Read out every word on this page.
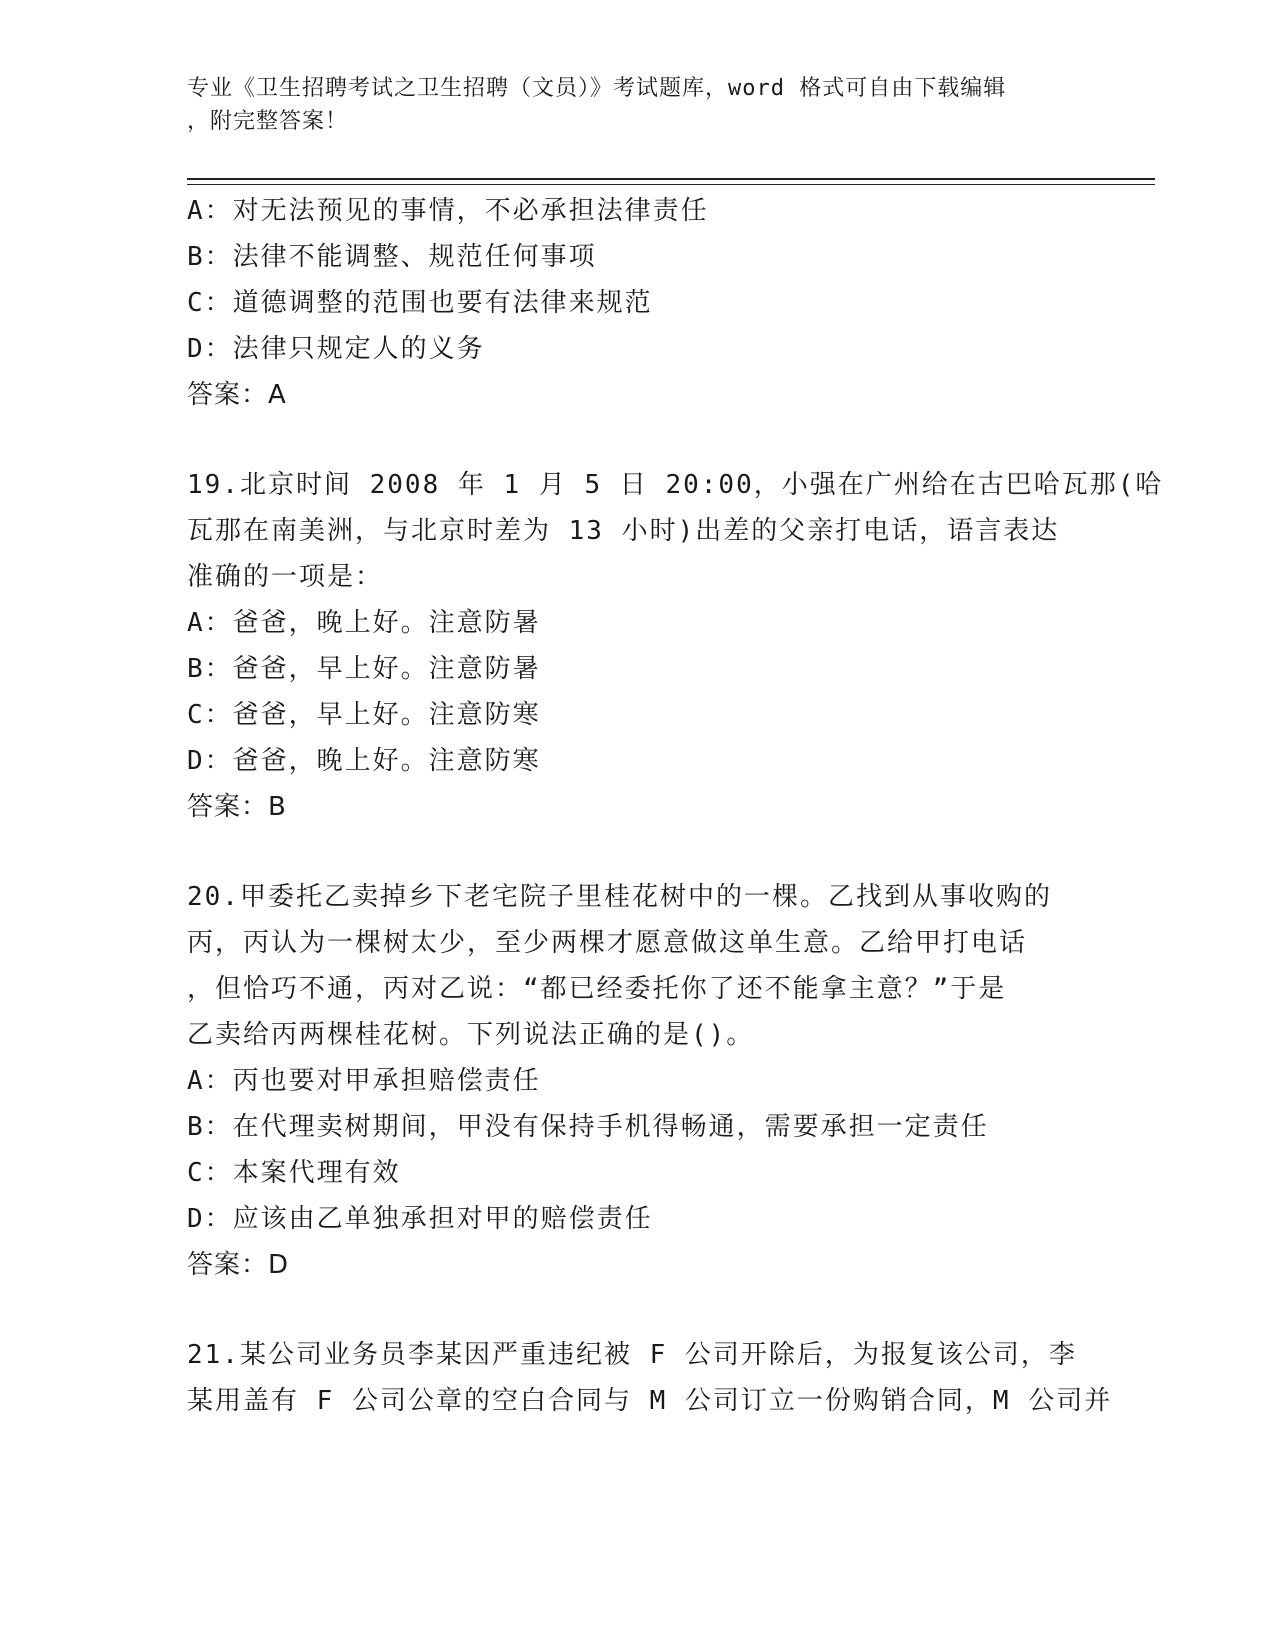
专业《卫生招聘考试之卫生招聘（文员）》考试题库，word 格式可自由下载编辑
，附完整答案！
A：对无法预见的事情，不必承担法律责任
B：法律不能调整、规范任何事项
C：道德调整的范围也要有法律来规范
D：法律只规定人的义务
答案：A
19.北京时间 2008 年 1 月 5 日 20:00，小强在广州给在古巴哈瓦那(哈
瓦那在南美洲，与北京时差为 13 小时)出差的父亲打电话，语言表达
准确的一项是：
A：爸爸，晚上好。注意防暑
B：爸爸，早上好。注意防暑
C：爸爸，早上好。注意防寒
D：爸爸，晚上好。注意防寒
答案：B
20.甲委托乙卖掉乡下老宅院子里桂花树中的一棵。乙找到从事收购的
丙，丙认为一棵树太少，至少两棵才愿意做这单生意。乙给甲打电话
，但恰巧不通，丙对乙说：“都已经委托你了还不能拿主意？”于是
乙卖给丙两棵桂花树。下列说法正确的是()。
A：丙也要对甲承担赔偿责任
B：在代理卖树期间，甲没有保持手机得畅通，需要承担一定责任
C：本案代理有效
D：应该由乙单独承担对甲的赔偿责任
答案：D
21.某公司业务员李某因严重违纪被 F 公司开除后，为报复该公司，李
某用盖有 F 公司公章的空白合同与 M 公司订立一份购销合同，M 公司并
